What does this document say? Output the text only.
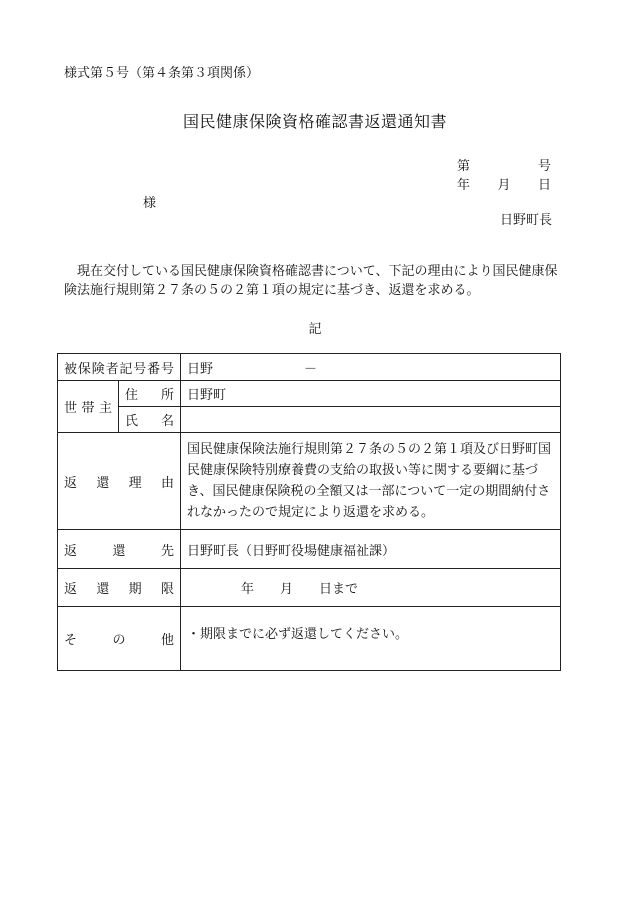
様式第５号（第４条第３項関係）
国民健康保険資格確認書返還通知書
第	号
年 月 日
様
日野町長
現在交付している国民健康保険資格確認書について、下記の理由により国民健康保険法施行規則第２７条の５の２第１項の規定に基づき、返還を求める。
記
被保険者記号番号		日野　　　　　　　－
世帯主	住　所	日野町
	氏　名	
返還理由		国民健康保険法施行規則第２７条の５の２第１項及び日野町国民健康保険特別療養費の支給の取扱い等に関する要綱に基づき、国民健康保険税の全額又は一部について一定の期間納付されなかったので規定により返還を求める。
返還先		日野町長（日野町役場健康福祉課）
返還期限		年　　月　　日まで
その他		・期限までに必ず返還してください。
